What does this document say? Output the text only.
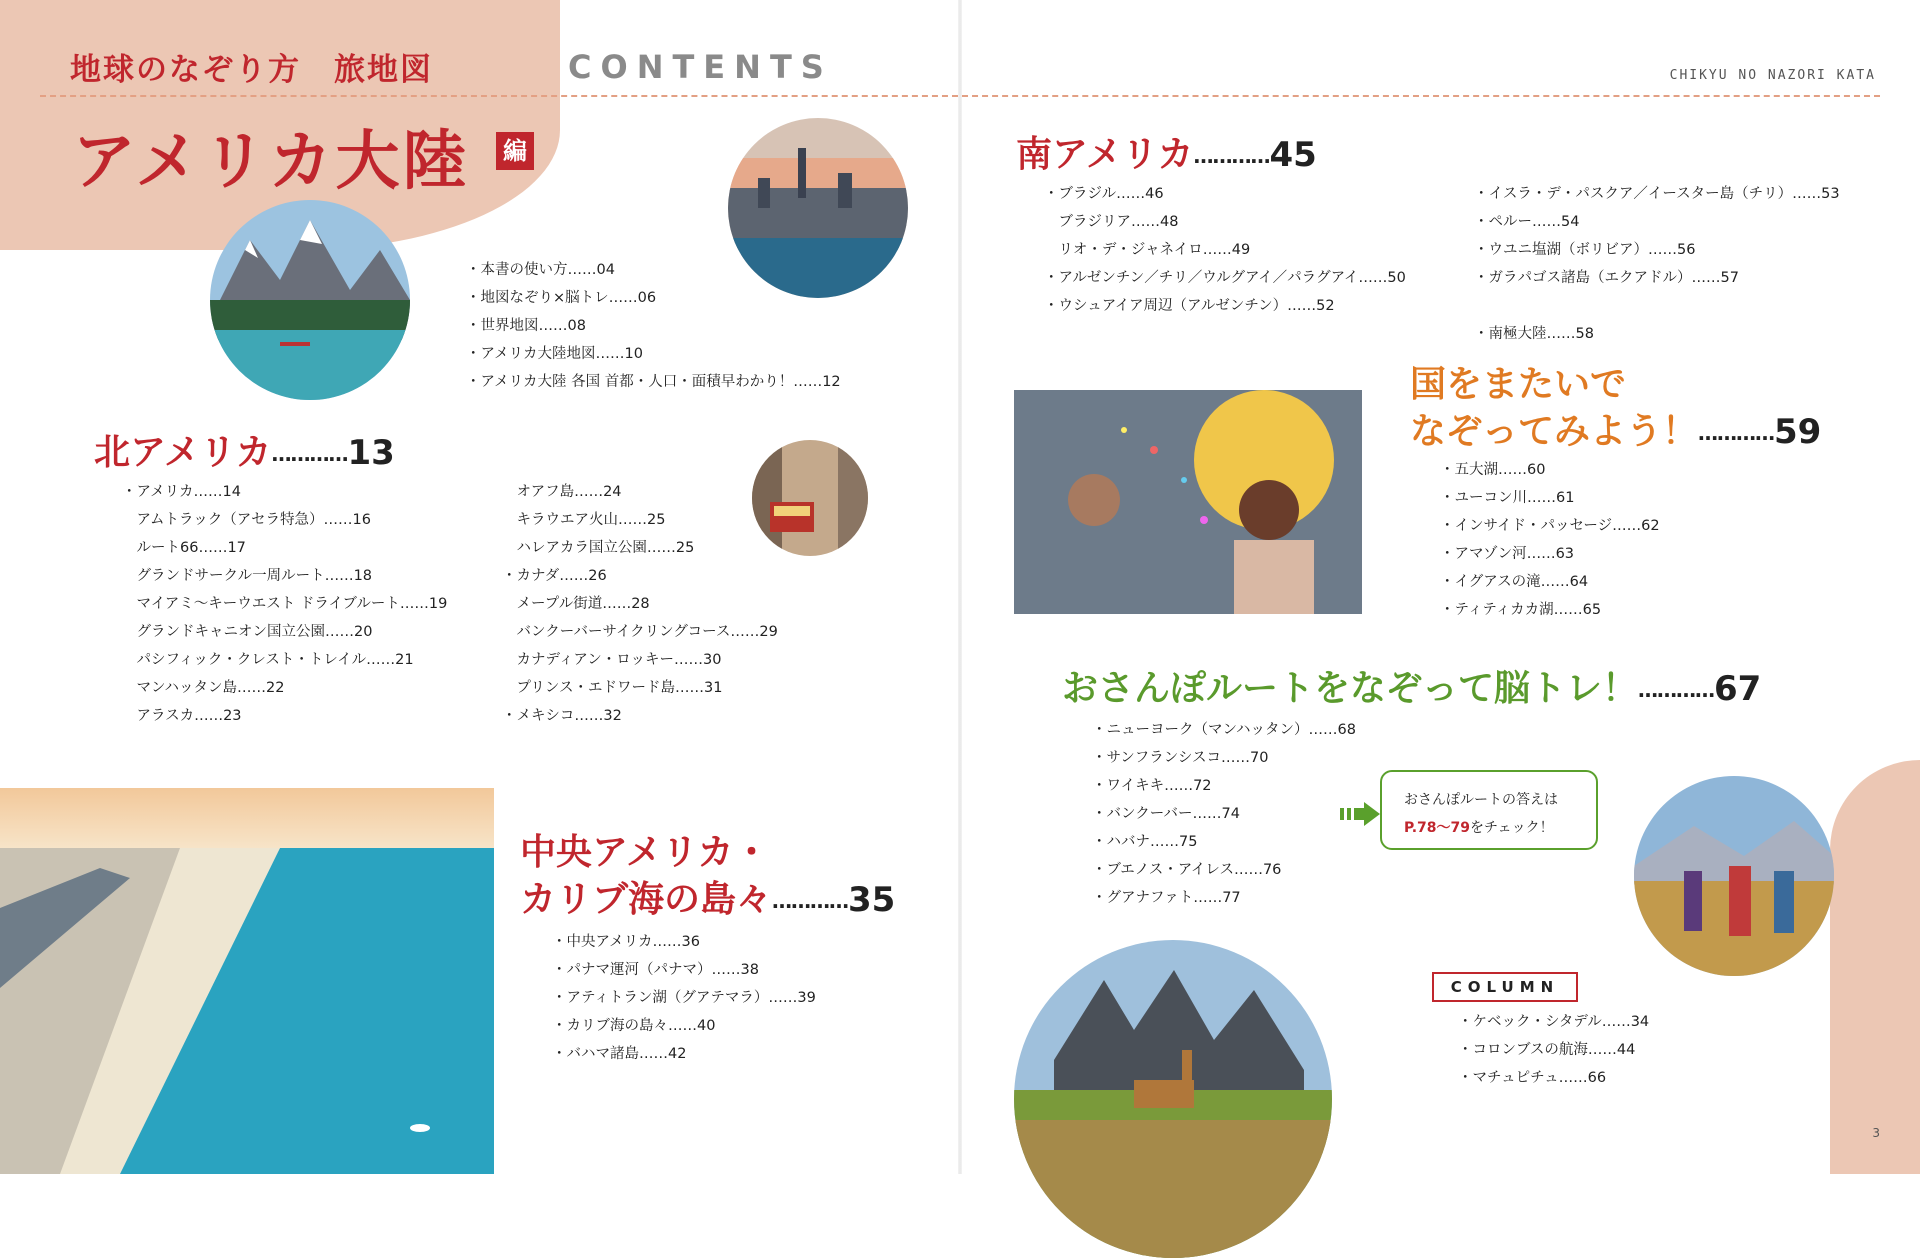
地球のなぞり方　旅地図	CONTENTS	CHIKYU NO NAZORI KATA
アメリカ大陸 編
・本書の使い方……04
・地図なぞり×脳トレ……06
・世界地図……08
・アメリカ大陸地図……10
・アメリカ大陸 各国 首都・人口・面積早わかり！……12
北アメリカ…………13
・アメリカ……14
　アムトラック（アセラ特急）……16
　ルート66……17
　グランドサークル一周ルート……18
　マイアミ～キーウエスト ドライブルート……19
　グランドキャニオン国立公園……20
　パシフィック・クレスト・トレイル……21
　マンハッタン島……22
　アラスカ……23
　オアフ島……24
　キラウエア火山……25
　ハレアカラ国立公園……25
・カナダ……26
　メープル街道……28
　バンクーバーサイクリングコース……29
　カナディアン・ロッキー……30
　プリンス・エドワード島……31
・メキシコ……32
中央アメリカ・
カリブ海の島々…………35
・中央アメリカ……36
・パナマ運河（パナマ）……38
・アティトラン湖（グアテマラ）……39
・カリブ海の島々……40
・バハマ諸島……42
南アメリカ…………45
・ブラジル……46
　ブラジリア……48
　リオ・デ・ジャネイロ……49
・アルゼンチン／チリ／ウルグアイ／パラグアイ……50
・ウシュアイア周辺（アルゼンチン）……52
・イスラ・デ・パスクア／イースター島（チリ）……53
・ペルー……54
・ウユニ塩湖（ボリビア）……56
・ガラパゴス諸島（エクアドル）……57
・南極大陸……58
国をまたいで
なぞってみよう！…………59
・五大湖……60
・ユーコン川……61
・インサイド・パッセージ……62
・アマゾン河……63
・イグアスの滝……64
・ティティカカ湖……65
おさんぽルートをなぞって脳トレ！…………67
・ニューヨーク（マンハッタン）……68
・サンフランシスコ……70
・ワイキキ……72
・バンクーバー……74
・ハバナ……75
・ブエノス・アイレス……76
・グアナファト……77
おさんぽルートの答えは
P.78～79をチェック！
COLUMN
・ケベック・シタデル……34
・コロンブスの航海……44
・マチュピチュ……66
3
